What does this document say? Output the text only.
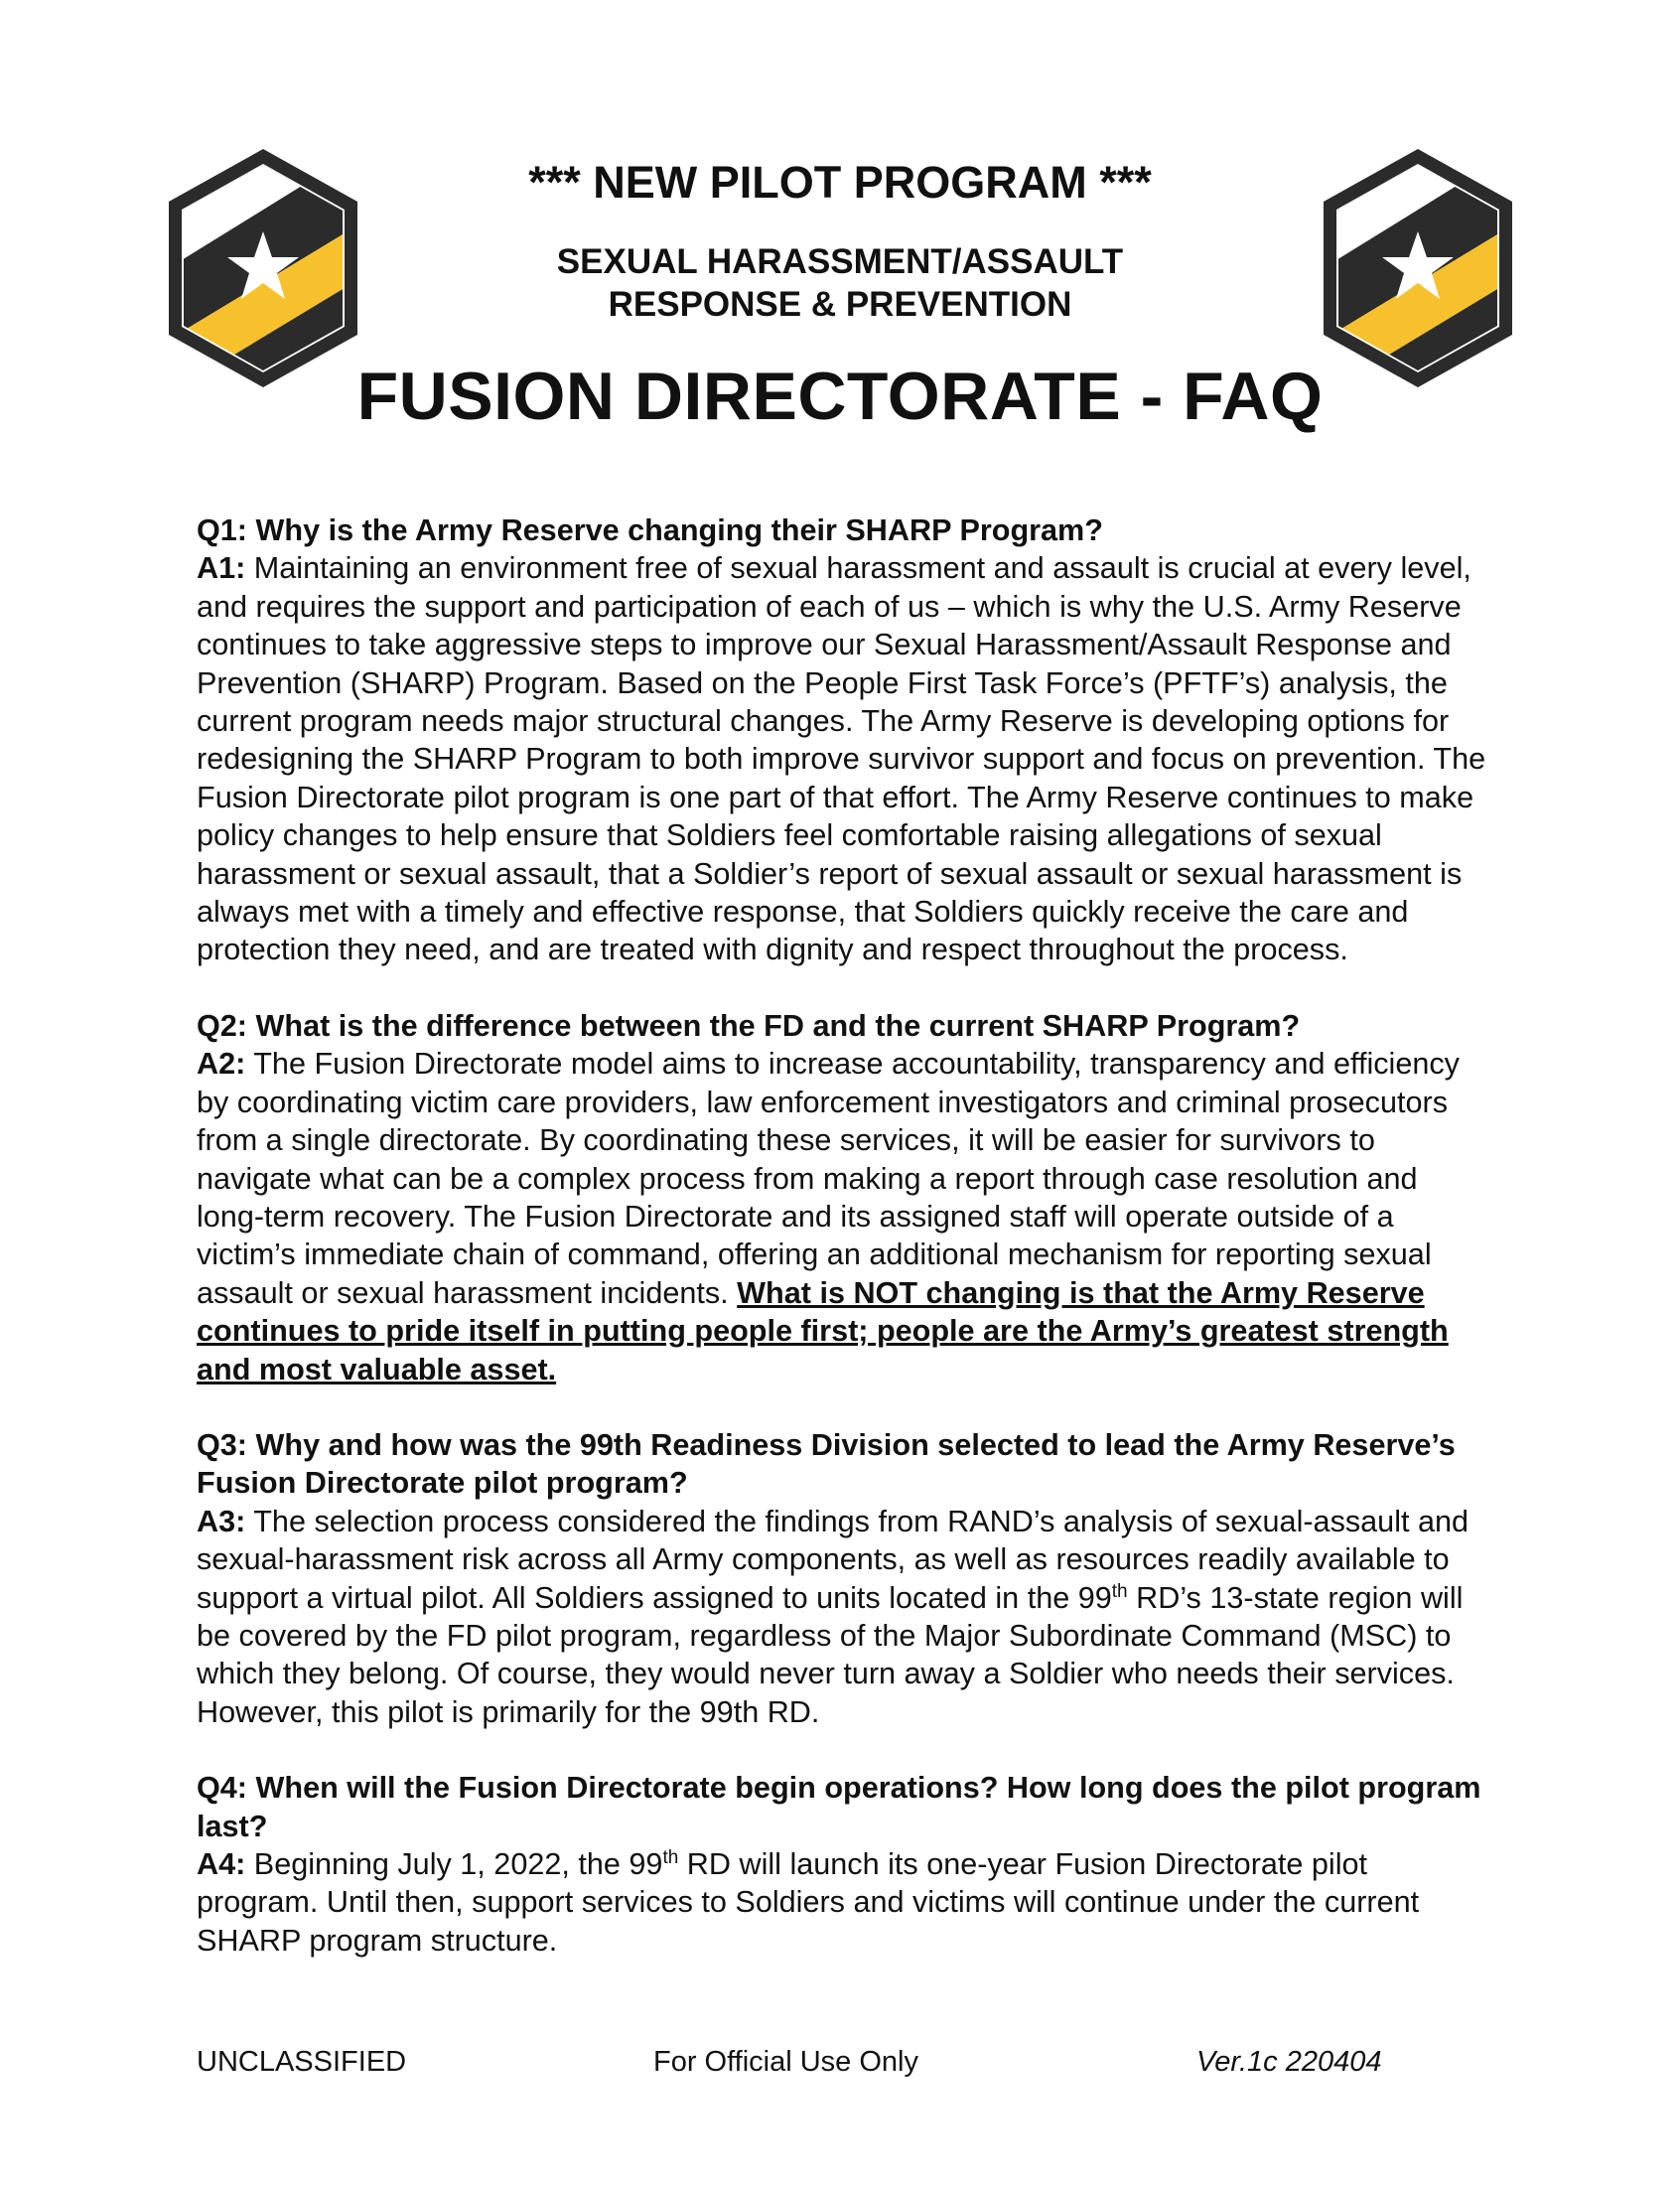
*** NEW PILOT PROGRAM ***
SEXUAL HARASSMENT/ASSAULT
RESPONSE & PREVENTION
FUSION DIRECTORATE - FAQ
Q1: Why is the Army Reserve changing their SHARP Program?
A1: Maintaining an environment free of sexual harassment and assault is crucial at every level, and requires the support and participation of each of us – which is why the U.S. Army Reserve continues to take aggressive steps to improve our Sexual Harassment/Assault Response and Prevention (SHARP) Program. Based on the People First Task Force’s (PFTF’s) analysis, the current program needs major structural changes. The Army Reserve is developing options for redesigning the SHARP Program to both improve survivor support and focus on prevention. The Fusion Directorate pilot program is one part of that effort. The Army Reserve continues to make policy changes to help ensure that Soldiers feel comfortable raising allegations of sexual harassment or sexual assault, that a Soldier’s report of sexual assault or sexual harassment is always met with a timely and effective response, that Soldiers quickly receive the care and protection they need, and are treated with dignity and respect throughout the process.
Q2: What is the difference between the FD and the current SHARP Program?
A2: The Fusion Directorate model aims to increase accountability, transparency and efficiency by coordinating victim care providers, law enforcement investigators and criminal prosecutors from a single directorate. By coordinating these services, it will be easier for survivors to navigate what can be a complex process from making a report through case resolution and long-term recovery. The Fusion Directorate and its assigned staff will operate outside of a victim’s immediate chain of command, offering an additional mechanism for reporting sexual assault or sexual harassment incidents. What is NOT changing is that the Army Reserve continues to pride itself in putting people first; people are the Army’s greatest strength and most valuable asset.
Q3: Why and how was the 99th Readiness Division selected to lead the Army Reserve’s Fusion Directorate pilot program?
A3: The selection process considered the findings from RAND’s analysis of sexual-assault and sexual-harassment risk across all Army components, as well as resources readily available to support a virtual pilot. All Soldiers assigned to units located in the 99th RD’s 13-state region will be covered by the FD pilot program, regardless of the Major Subordinate Command (MSC) to which they belong. Of course, they would never turn away a Soldier who needs their services. However, this pilot is primarily for the 99th RD.
Q4: When will the Fusion Directorate begin operations? How long does the pilot program last?
A4: Beginning July 1, 2022, the 99th RD will launch its one-year Fusion Directorate pilot program. Until then, support services to Soldiers and victims will continue under the current SHARP program structure.
UNCLASSIFIED	For Official Use Only	Ver.1c 220404
